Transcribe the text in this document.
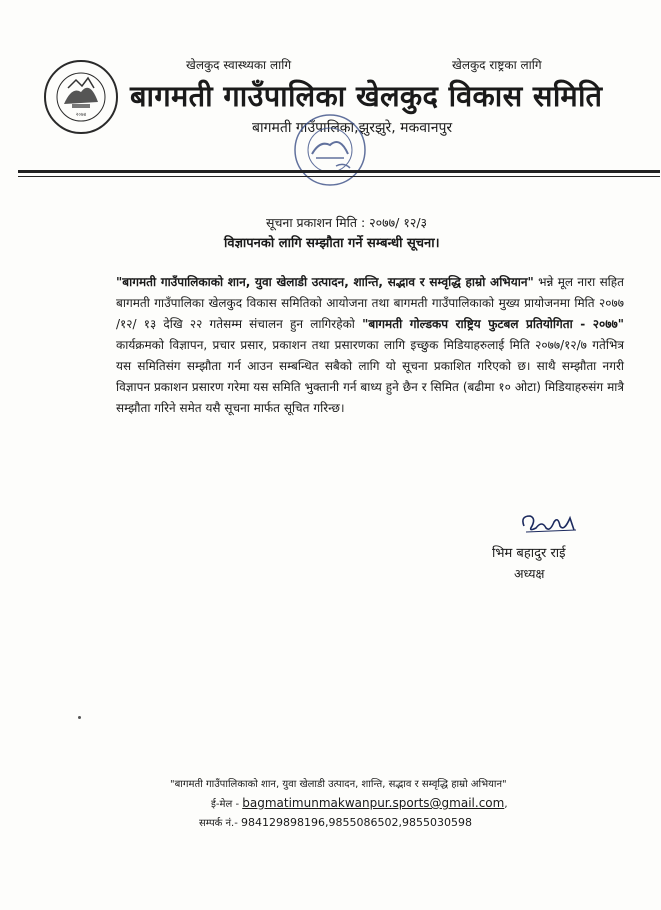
खेलकुद स्वास्थ्यका लागि	खेलकुद राष्ट्रका लागि
२०७४
बागमती गाउँपालिका खेलकुद विकास समिति
बागमती गाउँपालिका,झुरझुरे, मकवानपुर
सूचना प्रकाशन मिति : २०७७/ १२/३
विज्ञापनको लागि सम्झौता गर्ने सम्बन्धी सूचना।
"बागमती गाउँपालिकाको शान, युवा खेलाडी उत्पादन, शान्ति, सद्भाव र सम्वृद्धि हाम्रो अभियान" भन्ने मूल नारा सहित बागमती गाउँपालिका खेलकुद विकास समितिको आयोजना तथा बागमती गाउँपालिकाको मुख्य प्रायोजनमा मिति २०७७ /१२/ १३ देखि २२ गतेसम्म संचालन हुन लागिरहेको "बागमती गोल्डकप राष्ट्रिय फुटबल प्रतियोगिता - २०७७" कार्यक्रमको विज्ञापन, प्रचार प्रसार, प्रकाशन तथा प्रसारणका लागि इच्छुक मिडियाहरुलाई मिति २०७७/१२/७ गतेभित्र यस समितिसंग सम्झौता गर्न आउन सम्बन्धित सबैको लागि यो सूचना प्रकाशित गरिएको छ। साथै सम्झौता नगरी विज्ञापन प्रकाशन प्रसारण गरेमा यस समिति भुक्तानी गर्न बाध्य हुने छैन र सिमित (बढीमा १० ओटा) मिडियाहरुसंग मात्रै सम्झौता गरिने समेत यसै सूचना मार्फत सूचित गरिन्छ।
भिम बहादुर राई
अध्यक्ष
"बागमती गाउँपालिकाको शान, युवा खेलाडी उत्पादन, शान्ति, सद्भाव र सम्वृद्धि हाम्रो अभियान"
ई-मेल - bagmatimunmakwanpur.sports@gmail.com,
सम्पर्क नं.- 9841298981​96,9855086502,9855030598
